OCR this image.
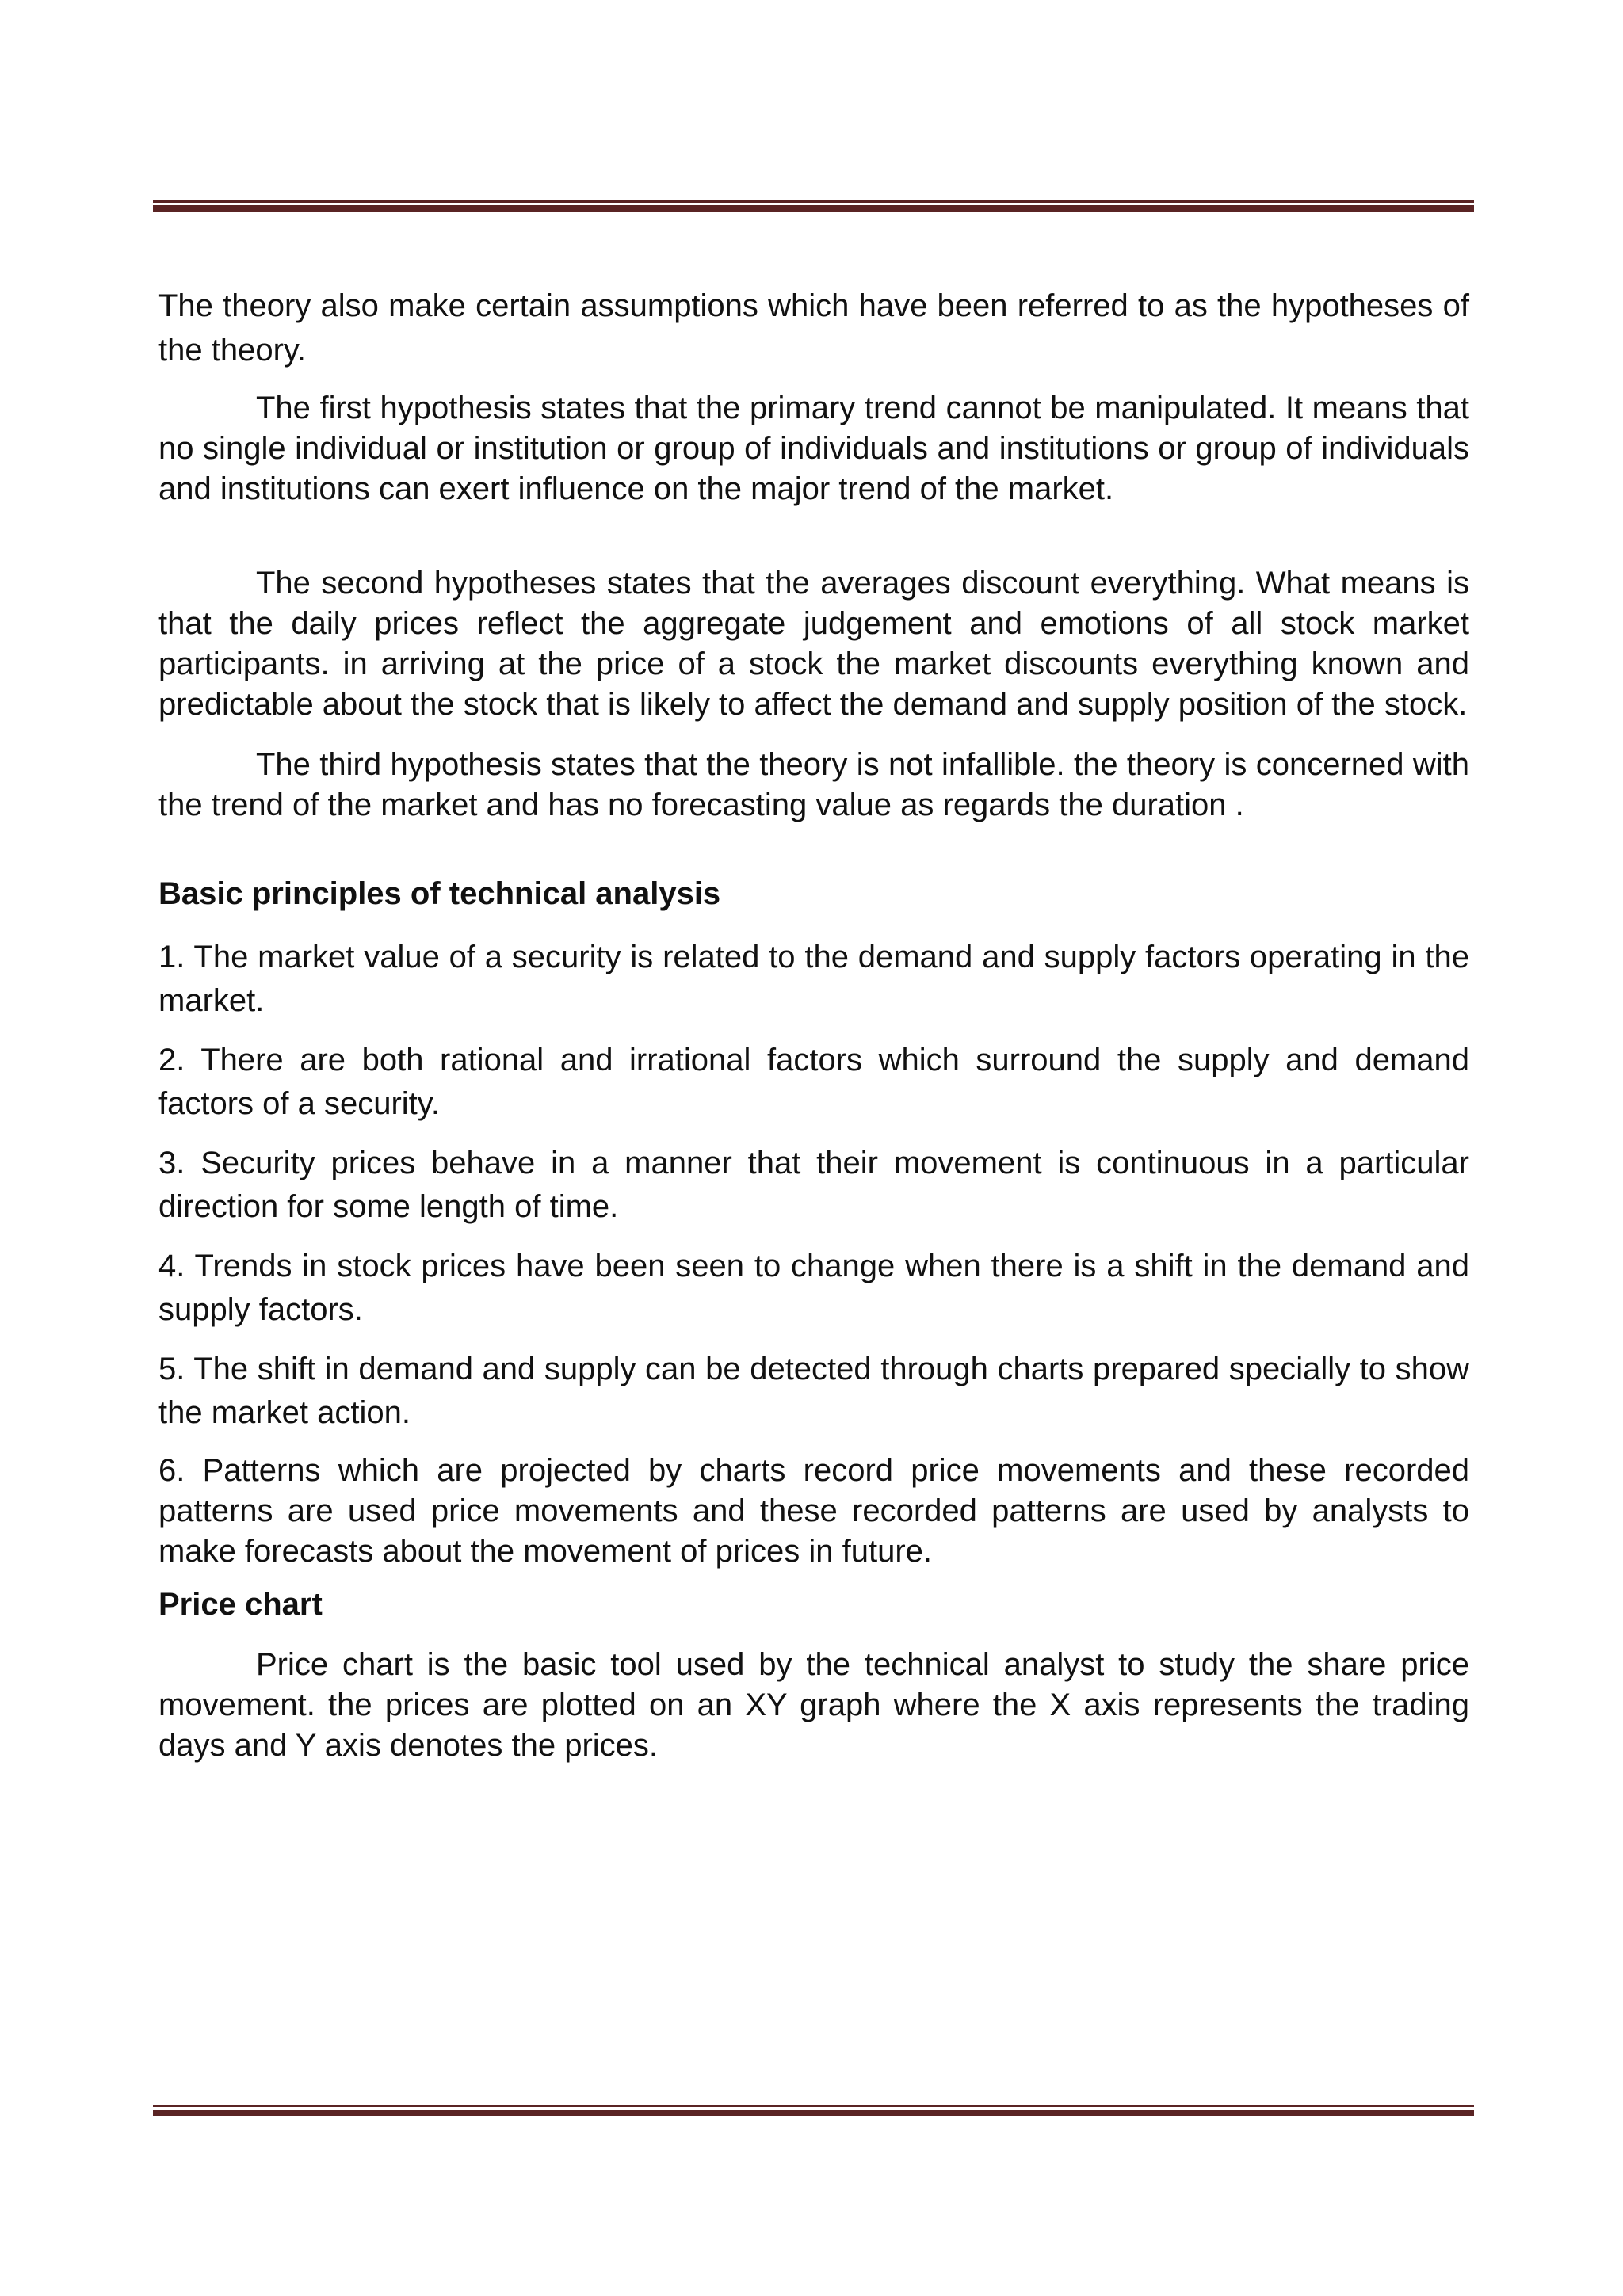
The theory also make certain assumptions which have been referred to as the hypotheses of the theory.

The first hypothesis states that the primary trend cannot be manipulated. It means that no single individual or institution or group of individuals and institutions or group of individuals and institutions can exert influence on the major trend of the market.

The second hypotheses states that the averages discount everything. What means is that the daily prices reflect the aggregate judgement and emotions of all stock market participants. in arriving at the price of a stock the market discounts everything known and predictable about the stock that is likely to affect the demand and supply position of the stock.

The third hypothesis states that the theory is not infallible. the theory is concerned with the trend of the market and has no forecasting value as regards the duration .

Basic principles of technical analysis
1. The market value of a security is related to the demand and supply factors operating in the market.
2. There are both rational and irrational factors which surround the supply and demand factors of a security.
3. Security prices behave in a manner that their movement is continuous in a particular direction for some length of time.
4. Trends in stock prices have been seen to change when there is a shift in the demand and supply factors.
5. The shift in demand and supply can be detected through charts prepared specially to show the market action.
6. Patterns which are projected by charts record price movements and these recorded patterns are used price movements and these recorded patterns are used by analysts to make forecasts about the movement of prices in future.
Price chart

Price chart is the basic tool used by the technical analyst to study the share price movement. the prices are plotted on an XY graph where the X axis represents the trading days and Y axis denotes the prices.
